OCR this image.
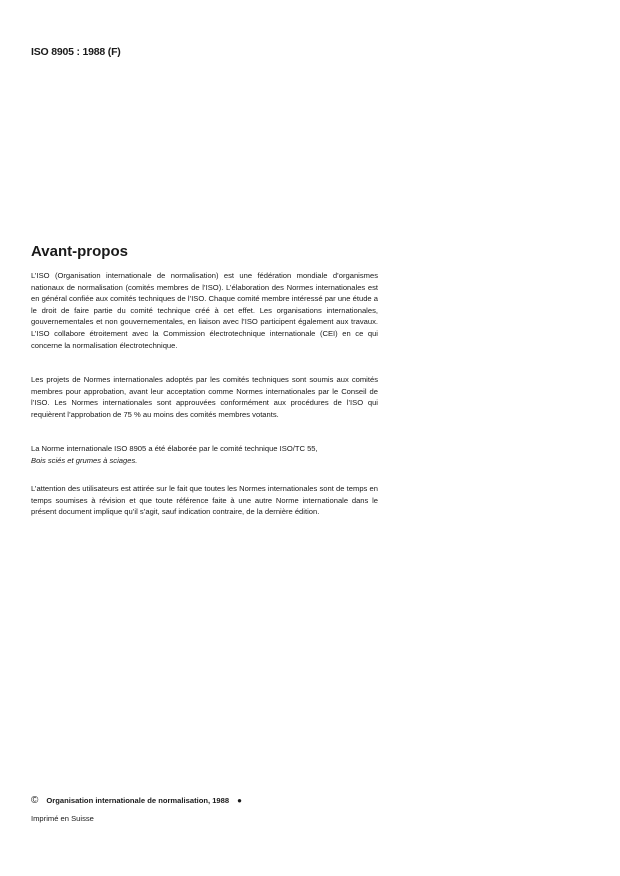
ISO 8905 : 1988 (F)
Avant-propos

L’ISO (Organisation internationale de normalisation) est une fédération mondiale d’organismes nationaux de normalisation (comités membres de l’ISO). L’élaboration des Normes internationales est en général confiée aux comités techniques de l’ISO. Chaque comité membre intéressé par une étude a le droit de faire partie du comité technique créé à cet effet. Les organisations internationales, gouvernementales et non gouvernementales, en liaison avec l’ISO participent également aux travaux. L’ISO collabore étroitement avec la Commission électrotechnique internationale (CEI) en ce qui concerne la normalisation électrotechnique.

Les projets de Normes internationales adoptés par les comités techniques sont soumis aux comités membres pour approbation, avant leur acceptation comme Normes internationales par le Conseil de l’ISO. Les Normes internationales sont approuvées conformément aux procédures de l’ISO qui requièrent l’approbation de 75 % au moins des comités membres votants.

La Norme internationale ISO 8905 a été élaborée par le comité technique ISO/TC 55,
Bois sciés et grumes à sciages.

L’attention des utilisateurs est attirée sur le fait que toutes les Normes internationales sont de temps en temps soumises à révision et que toute référence faite à une autre Norme internationale dans le présent document implique qu’il s’agit, sauf indication contraire, de la dernière édition.

© Organisation internationale de normalisation, 1988 ●
Imprimé en Suisse
